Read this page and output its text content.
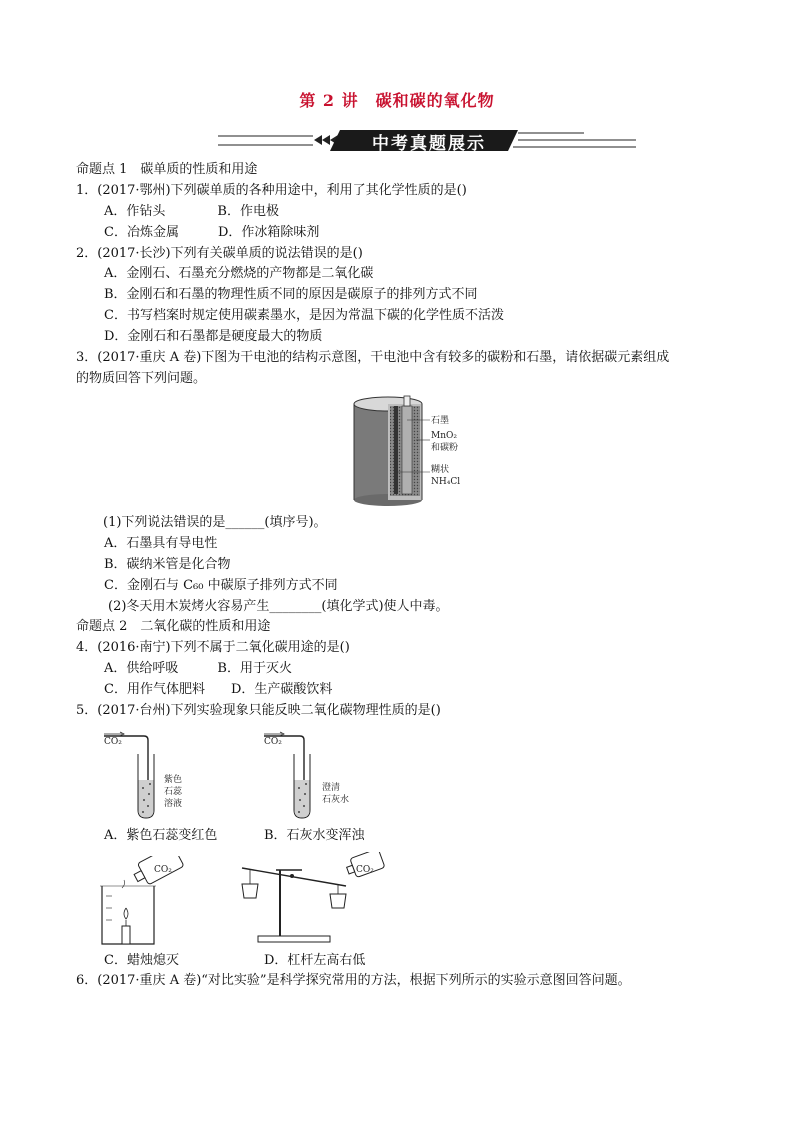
第 2 讲　碳和碳的氧化物
中考真题展示
命题点 1　碳单质的性质和用途
1．(2017·鄂州)下列碳单质的各种用途中，利用了其化学性质的是()
A．作钻头　　　　B．作电极
C．冶炼金属　　　D．作冰箱除味剂
2．(2017·长沙)下列有关碳单质的说法错误的是()
A．金刚石、石墨充分燃烧的产物都是二氧化碳
B．金刚石和石墨的物理性质不同的原因是碳原子的排列方式不同
C．书写档案时规定使用碳素墨水，是因为常温下碳的化学性质不活泼
D．金刚石和石墨都是硬度最大的物质
3．(2017·重庆 A 卷)下图为干电池的结构示意图，干电池中含有较多的碳粉和石墨，请依据碳元素组成
的物质回答下列问题。
石墨
MnO₂
和碳粉
糊状
NH₄Cl
(1)下列说法错误的是______(填序号)。
A．石墨具有导电性
B．碳纳米管是化合物
C．金刚石与 C₆₀ 中碳原子排列方式不同
(2)冬天用木炭烤火容易产生________(填化学式)使人中毒。
命题点 2　二氧化碳的性质和用途
4．(2016·南宁)下列不属于二氧化碳用途的是()
A．供给呼吸　　　B．用于灭火
C．用作气体肥料　　D．生产碳酸饮料
5．(2017·台州)下列实验现象只能反映二氧化碳物理性质的是()
CO₂
紫色
石蕊
溶液
CO₂
澄清
石灰水
A．紫色石蕊变红色	B．石灰水变浑浊
CO₂	CO₂
C．蜡烛熄灭	D．杠杆左高右低
6．(2017·重庆 A 卷)“对比实验”是科学探究常用的方法，根据下列所示的实验示意图回答问题。
